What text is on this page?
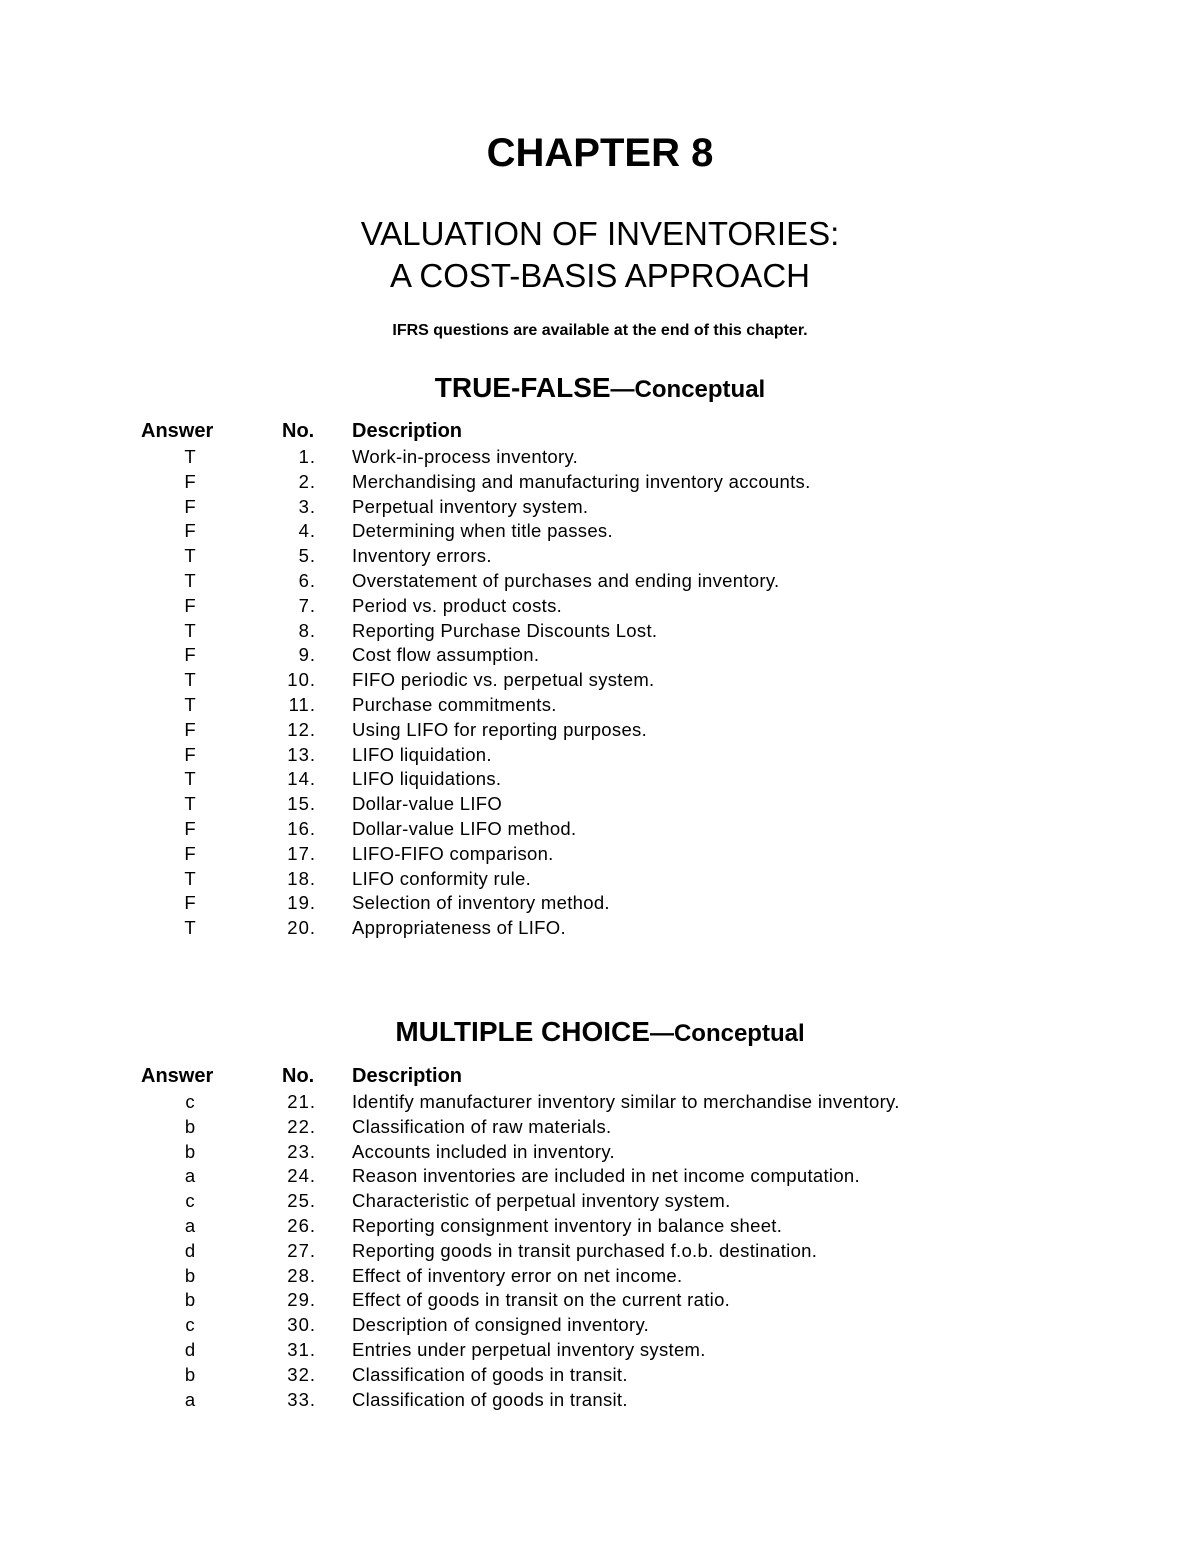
CHAPTER 8
VALUATION OF INVENTORIES:
A COST-BASIS APPROACH
IFRS questions are available at the end of this chapter.
TRUE-FALSE—Conceptual
Answer	No.	Description
T	1. Work-in-process inventory.
F	2. Merchandising and manufacturing inventory accounts.
F	3. Perpetual inventory system.
F	4. Determining when title passes.
T	5. Inventory errors.
T	6. Overstatement of purchases and ending inventory.
F	7. Period vs. product costs.
T	8. Reporting Purchase Discounts Lost.
F	9. Cost flow assumption.
T	10. FIFO periodic vs. perpetual system.
T	11. Purchase commitments.
F	12. Using LIFO for reporting purposes.
F	13. LIFO liquidation.
T	14. LIFO liquidations.
T	15. Dollar-value LIFO
F	16. Dollar-value LIFO method.
F	17. LIFO-FIFO comparison.
T	18. LIFO conformity rule.
F	19. Selection of inventory method.
T	20. Appropriateness of LIFO.
MULTIPLE CHOICE—Conceptual
Answer	No.	Description
c	21. Identify manufacturer inventory similar to merchandise inventory.
b	22. Classification of raw materials.
b	23. Accounts included in inventory.
a	24. Reason inventories are included in net income computation.
c	25. Characteristic of perpetual inventory system.
a	26. Reporting consignment inventory in balance sheet.
d	27. Reporting goods in transit purchased f.o.b. destination.
b	28. Effect of inventory error on net income.
b	29. Effect of goods in transit on the current ratio.
c	30. Description of consigned inventory.
d	31. Entries under perpetual inventory system.
b	32. Classification of goods in transit.
a	33. Classification of goods in transit.
